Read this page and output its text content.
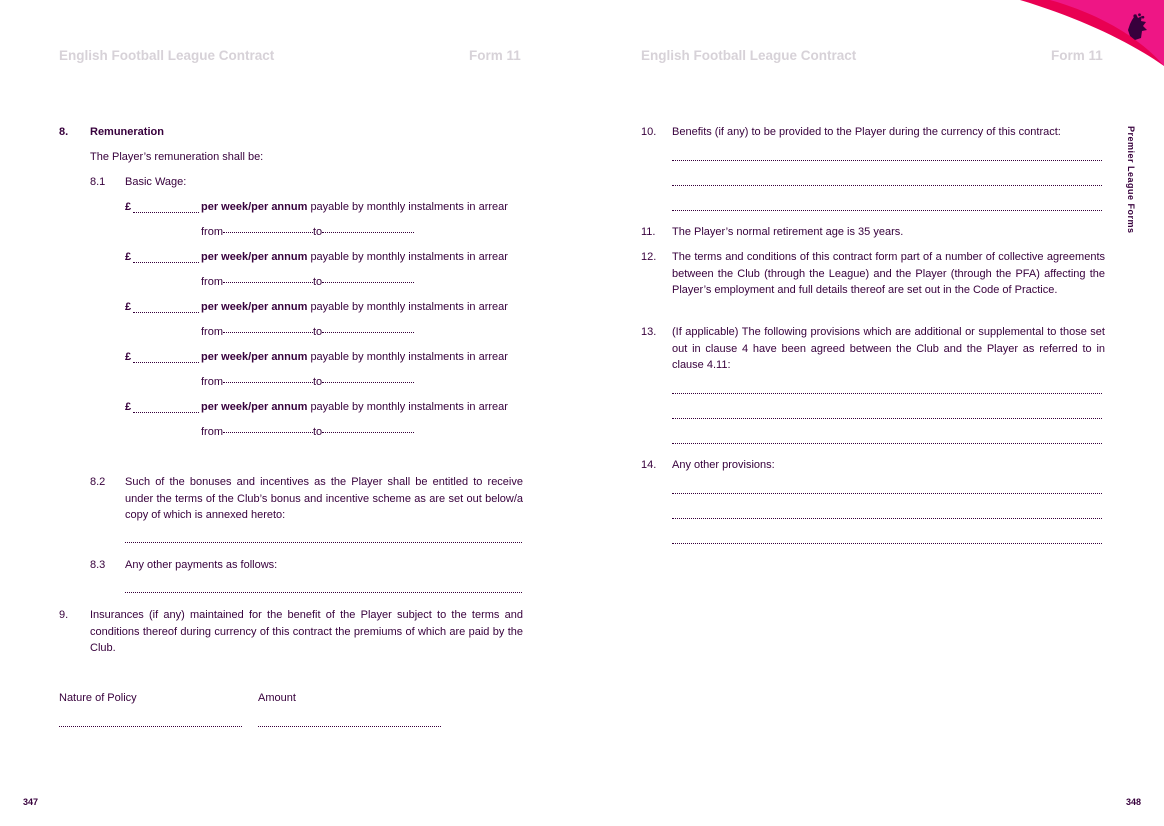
English Football League Contract	Form 11	English Football League Contract	Form 11
Premier League Forms
8. Remuneration
The Player’s remuneration shall be:
8.1 Basic Wage:
£	per week/per annum
payable by monthly instalments in arrear
from	to
£	per week/per annum
payable by monthly instalments in arrear
from	to
£	per week/per annum
payable by monthly instalments in arrear
from	to
£	per week/per annum
payable by monthly instalments in arrear
from	to
£	per week/per annum
payable by monthly instalments in arrear
from	to
8.2 Such of the bonuses and incentives as the Player shall be entitled to receive under the terms of the Club’s bonus and incentive scheme as are set out below/a copy of which is annexed hereto:
8.3 Any other payments as follows:
9. Insurances (if any) maintained for the benefit of the Player subject to the terms and conditions thereof during currency of this contract the premiums of which are paid by the Club.
Nature of Policy	Amount
347
10. Benefits (if any) to be provided to the Player during the currency of this contract:
11. The Player’s normal retirement age is 35 years.
12. The terms and conditions of this contract form part of a number of collective agreements between the Club (through the League) and the Player (through the PFA) affecting the Player’s employment and full details thereof are set out in the Code of Practice.
13. (If applicable) The following provisions which are additional or supplemental to those set out in clause 4 have been agreed between the Club and the Player as referred to in clause 4.11:
14. Any other provisions:
348
